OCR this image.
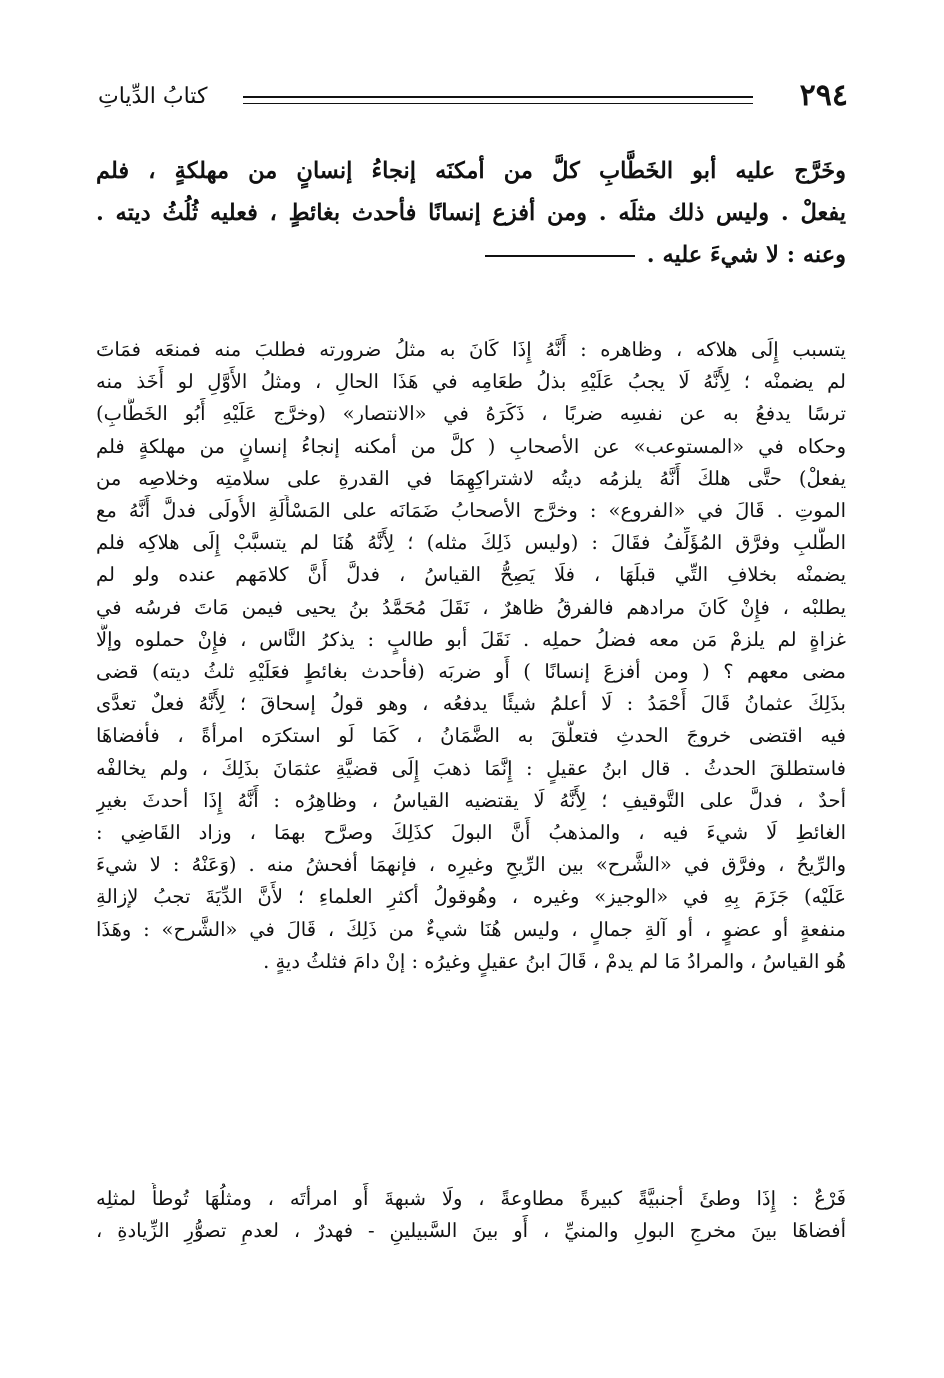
٢٩٤
كتابُ الدِّياتِ
وخَرَّج عليه أبو الخَطَّابِ كلَّ من أمكنَه إنجاءُ إنسانٍ من مهلكةٍ ، فلم
يفعلْ . وليس ذلك مثلَه . ومن أفزع إنسانًا فأحدث بغائطٍ ، فعليه ثُلُثُ ديته .
وعنه : لا شيءَ عليه .
يتسبب إِلَى هلاكه ، وظاهره : أَنَّهُ إِذَا كَانَ به مثلُ ضرورته فطلبَ منه فمنعَه فمَاتَ
لم يضمنْه ؛ لِأَنَّهُ لَا يجبُ عَلَيْهِ بذلُ طعَامِه في هَذَا الحالِ ، ومثلُ الأَوَّلِ لو أَخَذ منه
ترسًا يدفعُ به عن نفسِه ضربًا ، ذَكَرَهُ في «الانتصار» (وخرَّج عَلَيْهِ أَبُو الخَطَّابِ)
وحكاه في «المستوعب» عن الأصحابِ ( كلَّ من أمكنه إنجاءُ إنسانٍ من مهلكةٍ فلم
يفعلْ) حتَّى هلكَ أَنَّهُ يلزمُه ديتُه لاشتراكِهِمَا في القدرةِ على سلامتِه وخلاصِه من
الموتِ . قَالَ في «الفروع» : وخرَّج الأصحابُ ضَمَانَه على المَسْأَلَةِ الأُولَى فدلَّ أَنَّهُ مع
الطَّلبِ وفرَّق المُؤَلِّفُ فقَالَ : (وليس ذَلِكَ مثله) ؛ لِأَنَّهُ هُنَا لم يتسبَّبْ إِلَى هلاكِه فلم
يضمنْه بخلافِ التِّي قبلَهَا ، فلَا يَصِحُّ القياسُ ، فدلَّ أَنَّ كلامَهم عنده ولو لم
يطلبْه ، فإِنْ كَانَ مرادهم فالفرقُ ظاهرٌ ، نَقَلَ مُحَمَّدُ بنُ يحيى فيمن مَاتَ فرسُه في
غزاةٍ لم يلزمْ مَن معه فضلُ حملِه . نَقَلَ أبو طالبٍ : يذكرُ النَّاس ، فإِنْ حملوه وإلَّا
مضى معهم ؟ ( ومن أفزعَ إنسانًا ) أَو ضربَه (فأحدث بغائطٍ فعَلَيْهِ ثلثُ ديته) قضى
بذَلِكَ عثمانُ قَالَ أَحْمَدُ : لَا أعلمُ شيئًا يدفعُه ، وهو قولُ إسحاقَ ؛ لِأَنَّهُ فعلٌ تعدَّى
فيه اقتضى خروجَ الحدثِ فتعلَّقَ به الضَّمَانُ ، كَمَا لَو استكرَه امرأةً ، فأفضاهَا
فاستطلقَ الحدثُ . قال ابنُ عقيلٍ : إِنَّمَا ذهبَ إِلَى قضيَّةِ عثمَانَ بذَلِكَ ، ولم يخالفْه
أحدٌ ، فدلَّ على التَّوقيفِ ؛ لِأَنَّهُ لَا يقتضيه القياسُ ، وظاهِرُه : أَنَّهُ إِذَا أحدثَ بغيرِ
الغائطِ لَا شيءَ فيه ، والمذهبُ أَنَّ البولَ كذَلِكَ وصرَّح بهمَا ، وزاد القَاضِي :
والرِّيحُ ، وفرَّق في «الشَّرح» بين الرِّيحِ وغيرِه ، فإنهمَا أفحشُ منه . (وَعَنْهُ : لا شيءَ
عَلَيْه) جَزَمَ بِهِ في «الوجيز» وغيره ، وهُوقولُ أكثرِ العلماءِ ؛ لأَنَّ الدِّيَةَ تجبُ لإزالةِ
منفعةٍ أو عضوٍ ، أو آلةِ جمالٍ ، وليس هُنَا شيءٌ من ذَلِكَ ، قَالَ في «الشَّرح» : وهَذَا
هُو القياسُ ، والمرادُ مَا لم يدمْ ، قَالَ ابنُ عقيلٍ وغيرُه : إنْ دامَ فثلثُ ديةٍ .
فَرْعٌ : إِذَا وطئَ أجنبيَّةً كبيرةً مطاوعةً ، ولَا شبهةَ أَو امرأتَه ، ومثلُهَا تُوطأُ لمثلِه
أفضاهَا بينَ مخرجِ البولِ والمنيِّ ، أَو بينَ السَّبيلينِ - فهدرٌ ، لعدمِ تصوُّرِ الزِّيادةِ ،
